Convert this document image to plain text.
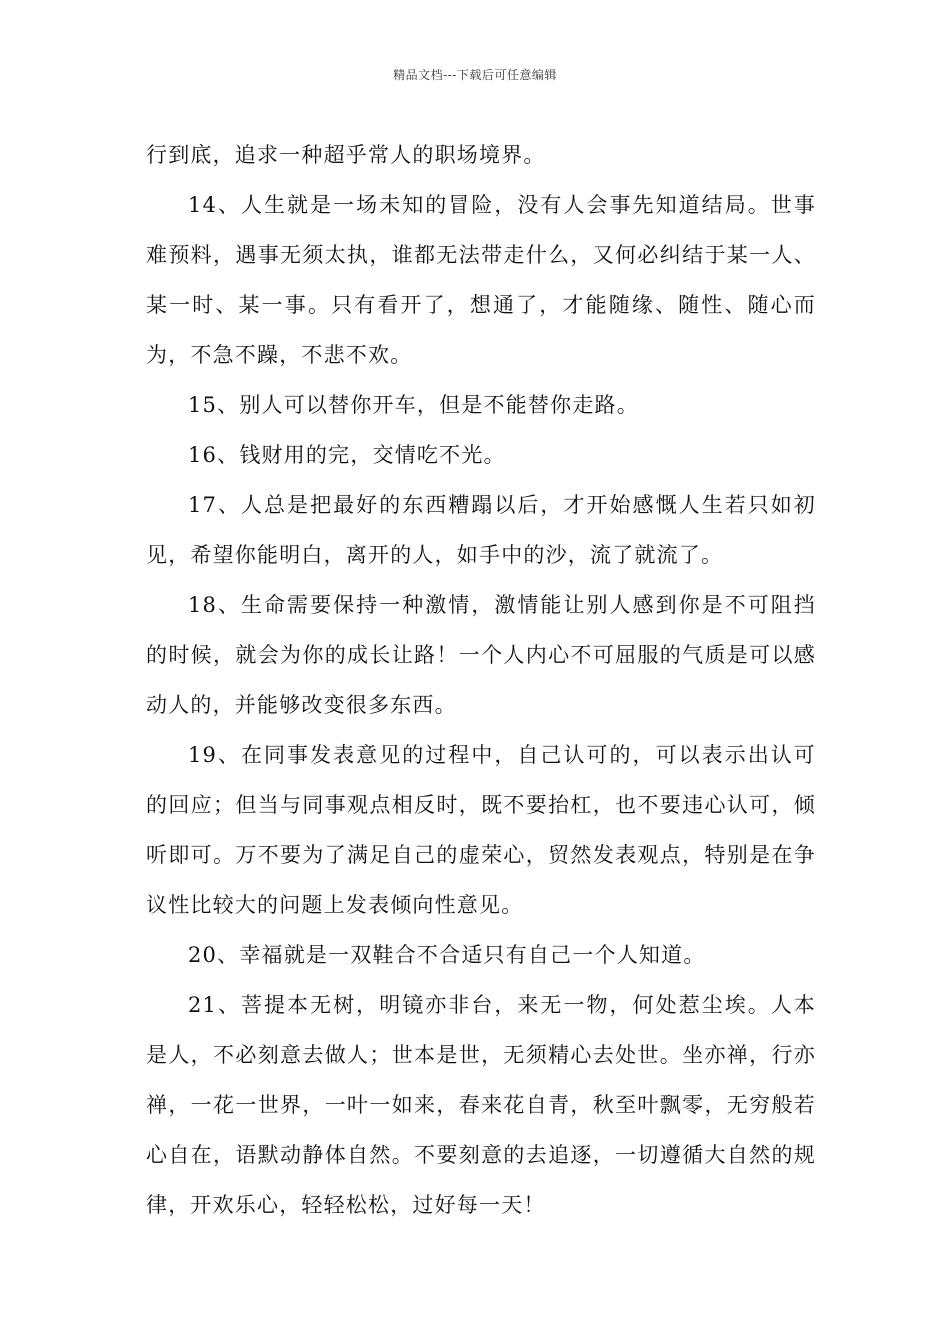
精品文档---下载后可任意编辑

行到底，追求一种超乎常人的职场境界。

14、人生就是一场未知的冒险，没有人会事先知道结局。世事难预料，遇事无须太执，谁都无法带走什么，又何必纠结于某一人、某一时、某一事。只有看开了，想通了，才能随缘、随性、随心而为，不急不躁，不悲不欢。

15、别人可以替你开车，但是不能替你走路。

16、钱财用的完，交情吃不光。

17、人总是把最好的东西糟蹋以后，才开始感慨人生若只如初见，希望你能明白，离开的人，如手中的沙，流了就流了。

18、生命需要保持一种激情，激情能让别人感到你是不可阻挡的时候，就会为你的成长让路！一个人内心不可屈服的气质是可以感动人的，并能够改变很多东西。

19、在同事发表意见的过程中，自己认可的，可以表示出认可的回应；但当与同事观点相反时，既不要抬杠，也不要违心认可，倾听即可。万不要为了满足自己的虚荣心，贸然发表观点，特别是在争议性比较大的问题上发表倾向性意见。

20、幸福就是一双鞋合不合适只有自己一个人知道。

21、菩提本无树，明镜亦非台，来无一物，何处惹尘埃。人本是人，不必刻意去做人；世本是世，无须精心去处世。坐亦禅，行亦禅，一花一世界，一叶一如来，春来花自青，秋至叶飘零，无穷般若心自在，语默动静体自然。不要刻意的去追逐，一切遵循大自然的规律，开欢乐心，轻轻松松，过好每一天！
